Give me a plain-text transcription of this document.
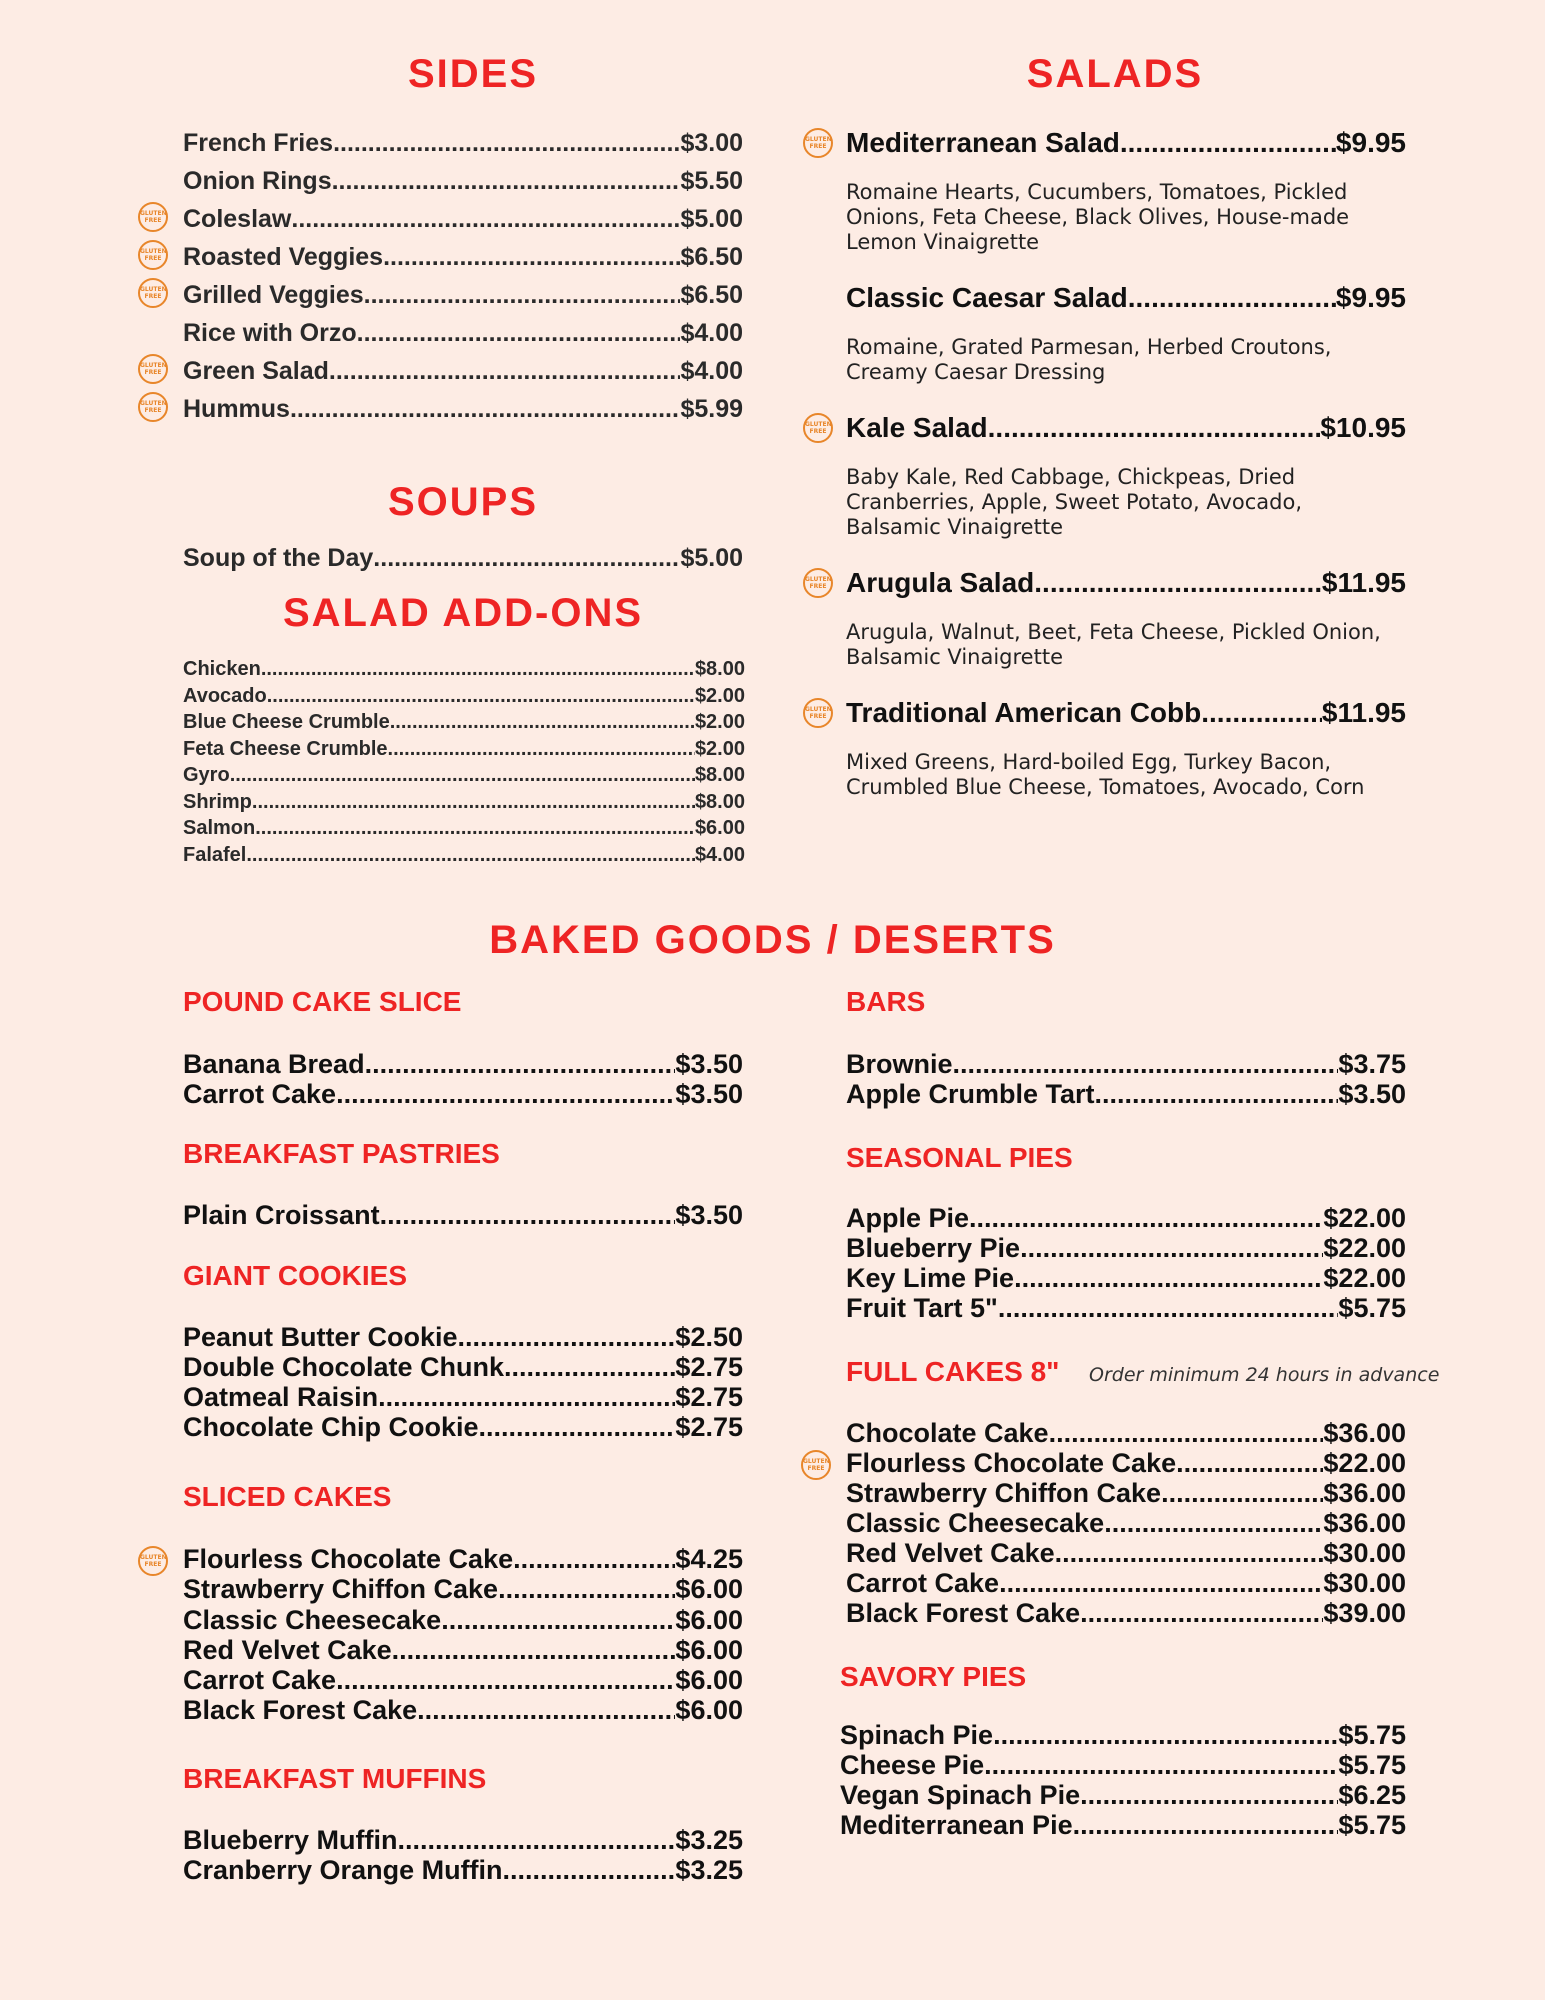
SIDES
SOUPS
SALAD ADD-ONS
SALADS
BAKED GOODS / DESERTS
French Fries .....	$3.00
Onion Rings .....	$5.50
Coleslaw .....	$5.00
GLUTEN
FREE
Roasted Veggies .....	$6.50
GLUTEN
FREE
Grilled Veggies .....	$6.50
GLUTEN
FREE
Rice with Orzo .....	$4.00
Green Salad .....	$4.00
GLUTEN
FREE
Hummus .....	$5.99
GLUTEN
FREE
Soup of the Day .....	$5.00
Chicken .....	$8.00
Avocado .....	$2.00
Blue Cheese Crumble .....	$2.00
Feta Cheese Crumble .....	$2.00
Gyro .....	$8.00
Shrimp .....	$8.00
Salmon .....	$6.00
Falafel .....	$4.00
Mediterranean Salad .....	$9.95
GLUTEN
FREE
Romaine Hearts, Cucumbers, Tomatoes, Pickled Onions, Feta Cheese, Black Olives, House-made Lemon Vinaigrette
Classic Caesar Salad .....	$9.95
Romaine, Grated Parmesan, Herbed Croutons, Creamy Caesar Dressing
Kale Salad .....	$10.95
GLUTEN
FREE
Baby Kale, Red Cabbage, Chickpeas, Dried Cranberries, Apple, Sweet Potato, Avocado, Balsamic Vinaigrette
Arugula Salad .....	$11.95
GLUTEN
FREE
Arugula, Walnut, Beet, Feta Cheese, Pickled Onion, Balsamic Vinaigrette
Traditional American Cobb .....	$11.95
GLUTEN
FREE
Mixed Greens, Hard-boiled Egg, Turkey Bacon, Crumbled Blue Cheese, Tomatoes, Avocado, Corn
POUND CAKE SLICE
Banana Bread .....	$3.50
Carrot Cake .....	$3.50
BREAKFAST PASTRIES
Plain Croissant .....	$3.50
GIANT COOKIES
Peanut Butter Cookie .....	$2.50
Double Chocolate Chunk .....	$2.75
Oatmeal Raisin .....	$2.75
Chocolate Chip Cookie .....	$2.75
SLICED CAKES
Flourless Chocolate Cake .....	$4.25
GLUTEN
FREE
Strawberry Chiffon Cake .....	$6.00
Classic Cheesecake .....	$6.00
Red Velvet Cake .....	$6.00
Carrot Cake .....	$6.00
Black Forest Cake .....	$6.00
BREAKFAST MUFFINS
Blueberry Muffin .....	$3.25
Cranberry Orange Muffin .....	$3.25
BARS
Brownie .....	$3.75
Apple Crumble Tart .....	$3.50
SEASONAL PIES
Apple Pie .....	$22.00
Blueberry Pie .....	$22.00
Key Lime Pie .....	$22.00
Fruit Tart 5" .....	$5.75
FULL CAKES 8" Order minimum 24 hours in advance
Chocolate Cake .....	$36.00
Flourless Chocolate Cake .....	$22.00
GLUTEN
FREE
Strawberry Chiffon Cake .....	$36.00
Classic Cheesecake .....	$36.00
Red Velvet Cake .....	$30.00
Carrot Cake .....	$30.00
Black Forest Cake .....	$39.00
SAVORY PIES
Spinach Pie .....	$5.75
Cheese Pie .....	$5.75
Vegan Spinach Pie .....	$6.25
Mediterranean Pie .....	$5.75
